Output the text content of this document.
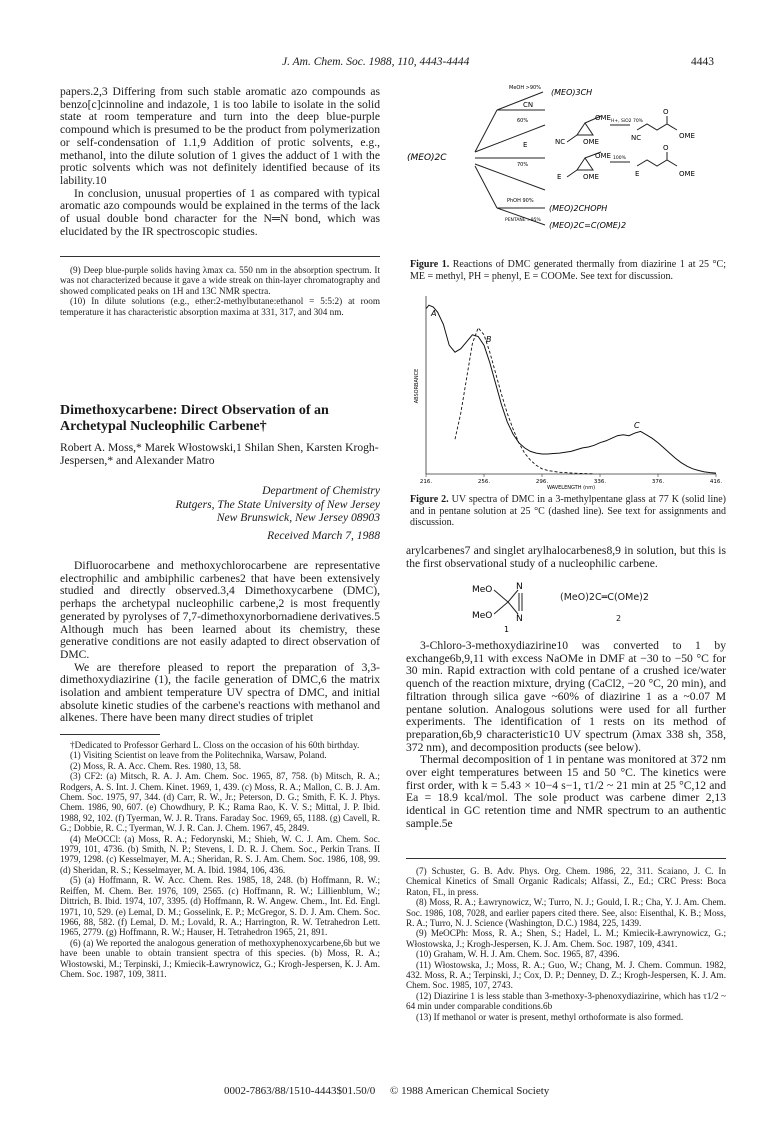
J. Am. Chem. Soc. 1988, 110, 4443-4444	4443

papers.2,3 Differing from such stable aromatic azo compounds as benzo[c]cinnoline and indazole, 1 is too labile to isolate in the solid state at room temperature and turn into the deep blue-purple compound which is presumed to be the product from polymerization or self-condensation of 1.1,9 Addition of protic solvents, e.g., methanol, into the dilute solution of 1 gives the adduct of 1 with the protic solvents which was not definitely identified because of its lability.10

In conclusion, unusual properties of 1 as compared with typical aromatic azo compounds would be explained in the terms of the lack of usual double bond character for the N═N bond, which was elucidated by the IR spectroscopic studies.

(9) Deep blue-purple solids having λmax ca. 550 nm in the absorption spectrum. It was not characterized because it gave a wide streak on thin-layer chromatography and showed complicated peaks on 1H and 13C NMR spectra.

(10) In dilute solutions (e.g., ether:2-methylbutane:ethanol = 5:5:2) at room temperature it has characteristic absorption maxima at 331, 317, and 304 nm.

Dimethoxycarbene: Direct Observation of an Archetypal Nucleophilic Carbene†
Robert A. Moss,* Marek Włostowski,1 Shilan Shen, Karsten Krogh-Jespersen,* and Alexander Matro
Department of Chemistry
Rutgers, The State University of New Jersey
New Brunswick, New Jersey 08903
Received March 7, 1988

Difluorocarbene and methoxychlorocarbene are representative electrophilic and ambiphilic carbenes2 that have been extensively studied and directly observed.3,4 Dimethoxycarbene (DMC), perhaps the archetypal nucleophilic carbene,2 is most frequently generated by pyrolyses of 7,7-dimethoxynorbornadiene derivatives.5 Although much has been learned about its chemistry, these generative conditions are not easily adapted to direct observation of DMC.

We are therefore pleased to report the preparation of 3,3-dimethoxydiazirine (1), the facile generation of DMC,6 the matrix isolation and ambient temperature UV spectra of DMC, and initial absolute kinetic studies of the carbene's reactions with methanol and alkenes. There have been many direct studies of triplet

†Dedicated to Professor Gerhard L. Closs on the occasion of his 60th birthday.

(1) Visiting Scientist on leave from the Politechnika, Warsaw, Poland.

(2) Moss, R. A. Acc. Chem. Res. 1980, 13, 58.

(3) CF2: (a) Mitsch, R. A. J. Am. Chem. Soc. 1965, 87, 758. (b) Mitsch, R. A.; Rodgers, A. S. Int. J. Chem. Kinet. 1969, 1, 439. (c) Moss, R. A.; Mallon, C. B. J. Am. Chem. Soc. 1975, 97, 344. (d) Carr, R. W., Jr.; Peterson, D. G.; Smith, F. K. J. Phys. Chem. 1986, 90, 607. (e) Chowdhury, P. K.; Rama Rao, K. V. S.; Mittal, J. P. Ibid. 1988, 92, 102. (f) Tyerman, W. J. R. Trans. Faraday Soc. 1969, 65, 1188. (g) Cavell, R. G.; Dobbie, R. C.; Tyerman, W. J. R. Can. J. Chem. 1967, 45, 2849.

(4) MeOCCl: (a) Moss, R. A.; Fedorynski, M.; Shieh, W. C. J. Am. Chem. Soc. 1979, 101, 4736. (b) Smith, N. P.; Stevens, I. D. R. J. Chem. Soc., Perkin Trans. II 1979, 1298. (c) Kesselmayer, M. A.; Sheridan, R. S. J. Am. Chem. Soc. 1986, 108, 99. (d) Sheridan, R. S.; Kesselmayer, M. A. Ibid. 1984, 106, 436.

(5) (a) Hoffmann, R. W. Acc. Chem. Res. 1985, 18, 248. (b) Hoffmann, R. W.; Reiffen, M. Chem. Ber. 1976, 109, 2565. (c) Hoffmann, R. W.; Lillienblum, W.; Dittrich, B. Ibid. 1974, 107, 3395. (d) Hoffmann, R. W. Angew. Chem., Int. Ed. Engl. 1971, 10, 529. (e) Lemal, D. M.; Gosselink, E. P.; McGregor, S. D. J. Am. Chem. Soc. 1966, 88, 582. (f) Lemal, D. M.; Lovald, R. A.; Harrington, R. W. Tetrahedron Lett. 1965, 2779. (g) Hoffmann, R. W.; Hauser, H. Tetrahedron 1965, 21, 891.

(6) (a) We reported the analogous generation of methoxyphenoxycarbene,6b but we have been unable to obtain transient spectra of this species. (b) Moss, R. A.; Włostowski, M.; Terpinski, J.; Kmiecik-Ławrynowicz, G.; Krogh-Jespersen, K. J. Am. Chem. Soc. 1987, 109, 3811.

(MEO)2C
MeOH >90% (MEO)3CH
CN
60%	OME
OME
NC
H+, SiO2 70%
O
OME
NC
E
70%
OME
OME
E
100%
O
OME
E
PhOH 90%
(MEO)2CHOPH
PENTANE >95%
(MEO)2C=C(OME)2
Figure 1. Reactions of DMC generated thermally from diazirine 1 at 25 °C; ME = methyl, PH = phenyl, E = COOMe. See text for discussion.
ABSORBANCE
WAVELENGTH (nm)
216.	256.	296.	336.	376.	416.
A
B
C
Figure 2. UV spectra of DMC in a 3-methylpentane glass at 77 K (solid line) and in pentane solution at 25 °C (dashed line). See text for assignments and discussion.

arylcarbenes7 and singlet arylhalocarbenes8,9 in solution, but this is the first observational study of a nucleophilic carbene.

MeO
MeO
N
N
1
(MeO)2C═C(OMe)2
2

3-Chloro-3-methoxydiazirine10 was converted to 1 by exchange6b,9,11 with excess NaOMe in DMF at −30 to −50 °C for 30 min. Rapid extraction with cold pentane of a crushed ice/water quench of the reaction mixture, drying (CaCl2, −20 °C, 20 min), and filtration through silica gave ~60% of diazirine 1 as a ~0.07 M pentane solution. Analogous solutions were used for all further experiments. The identification of 1 rests on its method of preparation,6b,9 characteristic10 UV spectrum (λmax 338 sh, 358, 372 nm), and decomposition products (see below).

Thermal decomposition of 1 in pentane was monitored at 372 nm over eight temperatures between 15 and 50 °C. The kinetics were first order, with k = 5.43 × 10−4 s−1, τ1/2 ~ 21 min at 25 °C,12 and Ea = 18.9 kcal/mol. The sole product was carbene dimer 2,13 identical in GC retention time and NMR spectrum to an authentic sample.5e

(7) Schuster, G. B. Adv. Phys. Org. Chem. 1986, 22, 311. Scaiano, J. C. In Chemical Kinetics of Small Organic Radicals; Alfassi, Z., Ed.; CRC Press: Boca Raton, FL, in press.

(8) Moss, R. A.; Ławrynowicz, W.; Turro, N. J.; Gould, I. R.; Cha, Y. J. Am. Chem. Soc. 1986, 108, 7028, and earlier papers cited there. See, also: Eisenthal, K. B.; Moss, R. A.; Turro, N. J. Science (Washington, D.C.) 1984, 225, 1439.

(9) MeOCPh: Moss, R. A.; Shen, S.; Hadel, L. M.; Kmiecik-Ławrynowicz, G.; Włostowska, J.; Krogh-Jespersen, K. J. Am. Chem. Soc. 1987, 109, 4341.

(10) Graham, W. H. J. Am. Chem. Soc. 1965, 87, 4396.

(11) Włostowska, J.; Moss, R. A.; Guo, W.; Chang, M. J. Chem. Commun. 1982, 432. Moss, R. A.; Terpinski, J.; Cox, D. P.; Denney, D. Z.; Krogh-Jespersen, K. J. Am. Chem. Soc. 1985, 107, 2743.

(12) Diazirine 1 is less stable than 3-methoxy-3-phenoxydiazirine, which has τ1/2 ~ 64 min under comparable conditions.6b

(13) If methanol or water is present, methyl orthoformate is also formed.

0002-7863/88/1510-4443$01.50/0 © 1988 American Chemical Society
